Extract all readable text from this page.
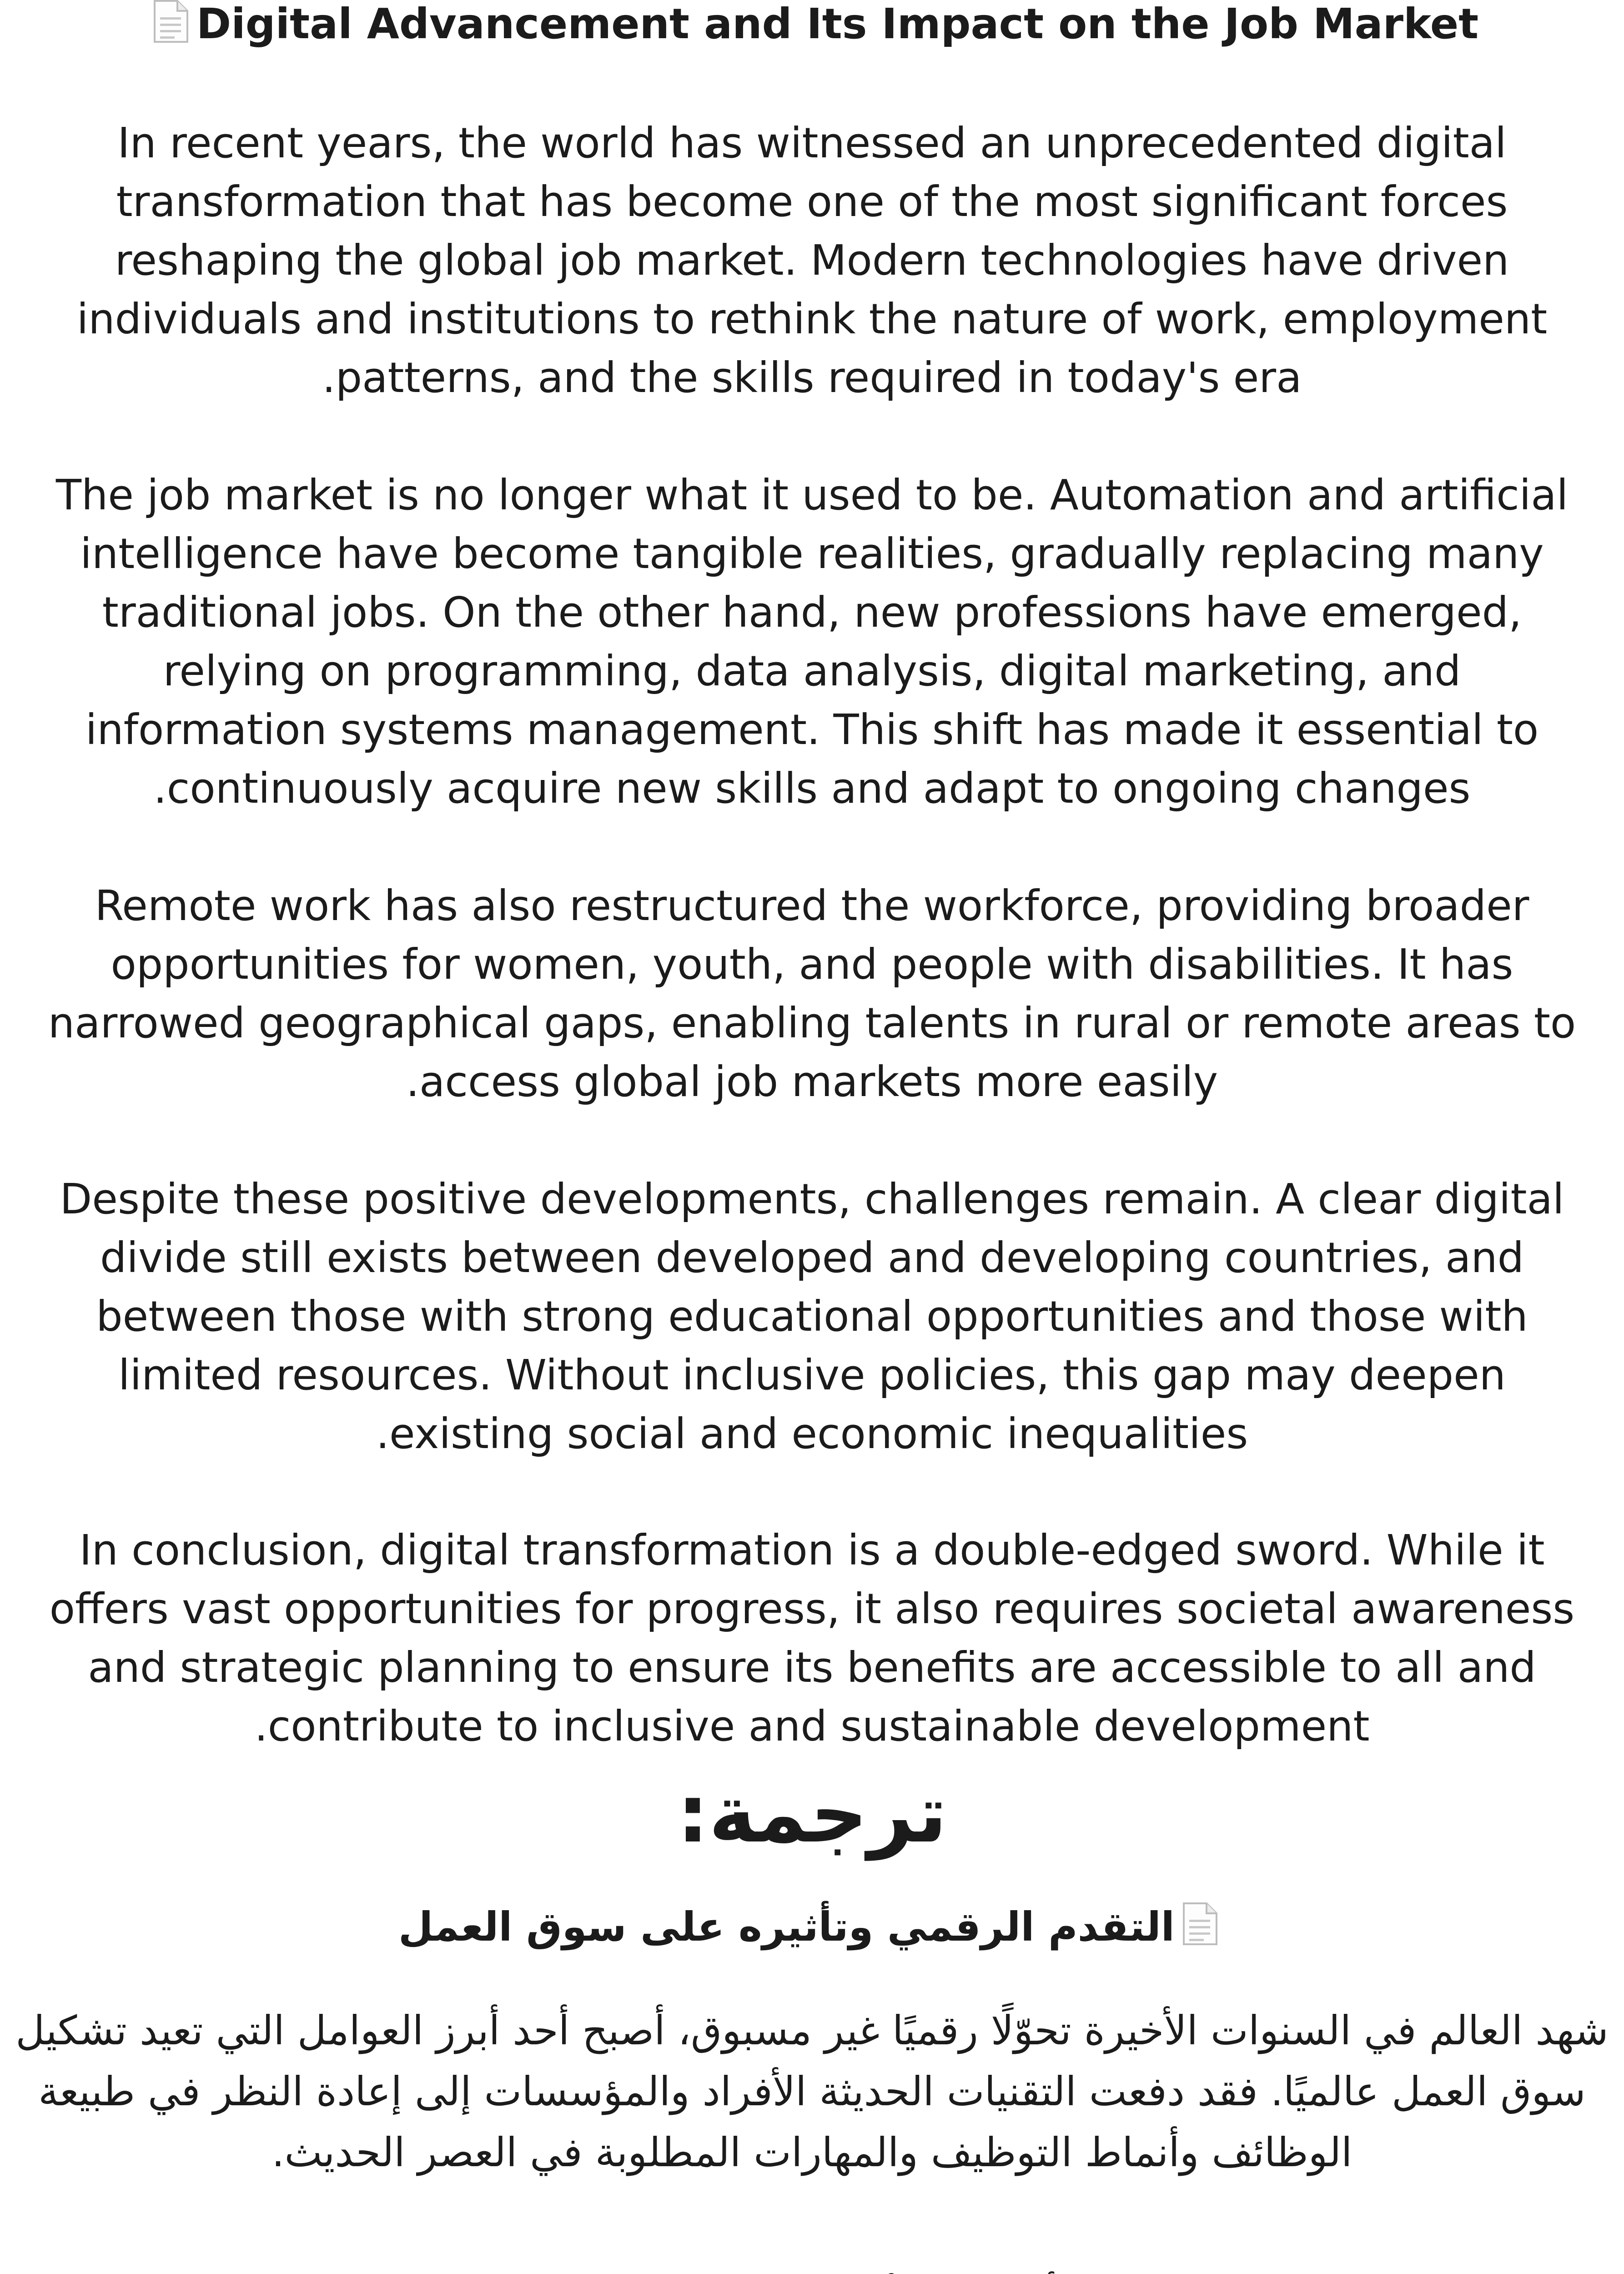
Digital Advancement and Its Impact on the Job Market

In recent years, the world has witnessed an unprecedented digital transformation that has become one of the most significant forces reshaping the global job market. Modern technologies have driven individuals and institutions to rethink the nature of work, employment patterns, and the skills required in today's era.

The job market is no longer what it used to be. Automation and artificial intelligence have become tangible realities, gradually replacing many traditional jobs. On the other hand, new professions have emerged, relying on programming, data analysis, digital marketing, and information systems management. This shift has made it essential to continuously acquire new skills and adapt to ongoing changes.

Remote work has also restructured the workforce, providing broader opportunities for women, youth, and people with disabilities. It has narrowed geographical gaps, enabling talents in rural or remote areas to access global job markets more easily.

Despite these positive developments, challenges remain. A clear digital divide still exists between developed and developing countries, and between those with strong educational opportunities and those with limited resources. Without inclusive policies, this gap may deepen existing social and economic inequalities.

In conclusion, digital transformation is a double-edged sword. While it offers vast opportunities for progress, it also requires societal awareness and strategic planning to ensure its benefits are accessible to all and contribute to inclusive and sustainable development.

ترجمة:
التقدم الرقمي وتأثيره على سوق العمل

شهد العالم في السنوات الأخيرة تحوّلًا رقميًا غير مسبوق، أصبح أحد أبرز العوامل التي تعيد تشكيل سوق العمل عالميًا. فقد دفعت التقنيات الحديثة الأفراد والمؤسسات إلى إعادة النظر في طبيعة الوظائف وأنماط التوظيف والمهارات المطلوبة في العصر الحديث.
